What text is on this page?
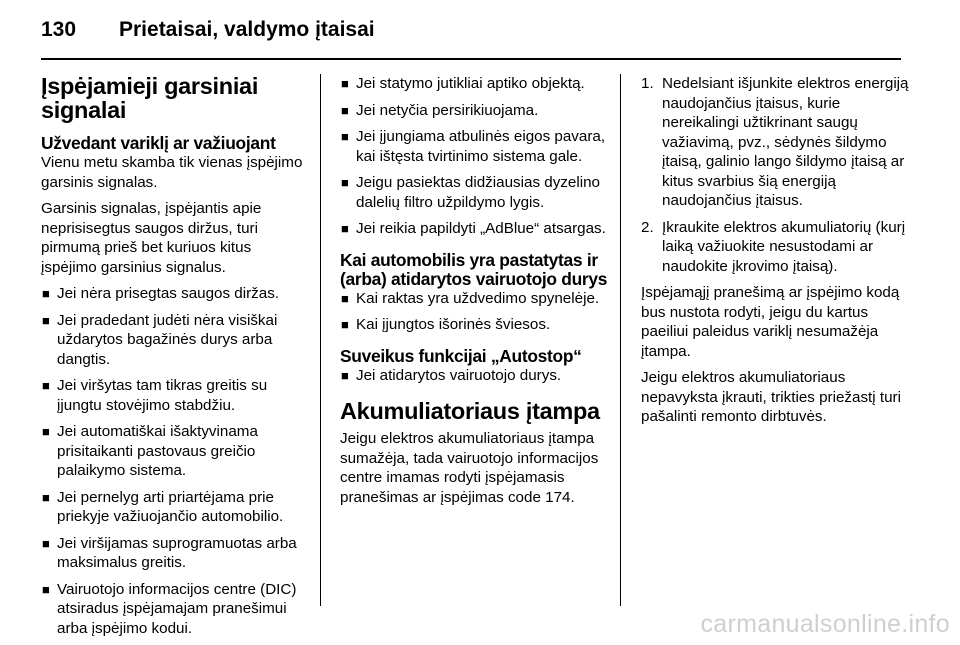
130 Prietaisai, valdymo įtaisai
Įspėjamieji garsiniai signalai
Užvedant variklį ar važiuojant

Vienu metu skamba tik vienas įspėjimo garsinis signalas.

Garsinis signalas, įspėjantis apie neprisisegtus saugos diržus, turi pirmumą prieš bet kuriuos kitus įspėjimo garsinius signalus.

■ Jei nėra prisegtas saugos diržas.
■ Jei pradedant judėti nėra visiškai uždarytos bagažinės durys arba dangtis.
■ Jei viršytas tam tikras greitis su įjungtu stovėjimo stabdžiu.
■ Jei automatiškai išaktyvinama prisitaikanti pastovaus greičio palaikymo sistema.
■ Jei pernelyg arti priartėjama prie priekyje važiuojančio automobilio.
■ Jei viršijamas suprogramuotas arba maksimalus greitis.
■ Vairuotojo informacijos centre (DIC) atsiradus įspėjamajam pranešimui arba įspėjimo kodui.
■ Jei statymo jutikliai aptiko objektą.
■ Jei netyčia persirikiuojama.
■ Jei įjungiama atbulinės eigos pavara, kai ištęsta tvirtinimo sistema gale.
■ Jeigu pasiektas didžiausias dyzelino dalelių filtro užpildymo lygis.
■ Jei reikia papildyti „AdBlue“ atsargas.
Kai automobilis yra pastatytas ir (arba) atidarytos vairuotojo durys
■ Kai raktas yra uždvedimo spynelėje.
■ Kai įjungtos išorinės šviesos.
Suveikus funkcijai „Autostop“
■ Jei atidarytos vairuotojo durys.
Akumuliatoriaus įtampa

Jeigu elektros akumuliatoriaus įtampa sumažėja, tada vairuotojo informacijos centre imamas rodyti įspėjamasis pranešimas ar įspėjimas code 174.

1. Nedelsiant išjunkite elektros energiją naudojančius įtaisus, kurie nereikalingi užtikrinant saugų važiavimą, pvz., sėdynės šildymo įtaisą, galinio lango šildymo įtaisą ar kitus svarbius šią energiją naudojančius įtaisus.
2. Įkraukite elektros akumuliatorių (kurį laiką važiuokite nesustodami ar naudokite įkrovimo įtaisą).

Įspėjamąjį pranešimą ar įspėjimo kodą bus nustota rodyti, jeigu du kartus paeiliui paleidus variklį nesumažėja įtampa.

Jeigu elektros akumuliatoriaus nepavyksta įkrauti, trikties priežastį turi pašalinti remonto dirbtuvės.

carmanualsonline.info
